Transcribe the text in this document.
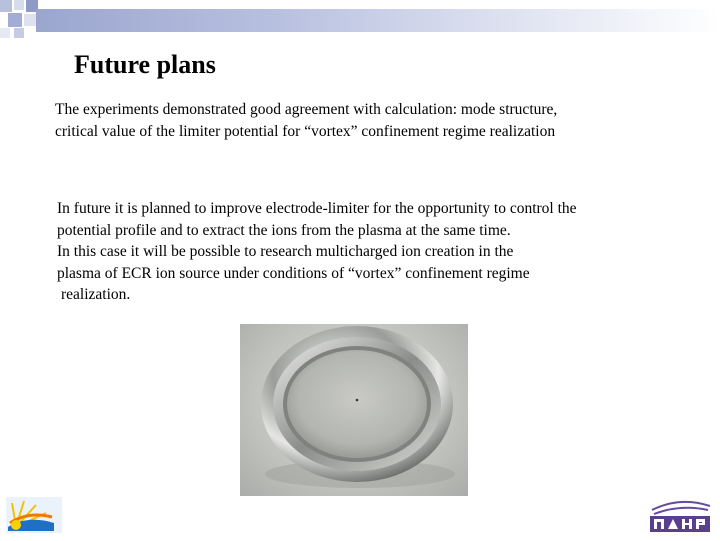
Future plans
The experiments demonstrated good agreement with calculation: mode structure,
critical value of the limiter potential for “vortex” confinement regime realization
In future it is planned to improve electrode-limiter for the opportunity to control the
potential profile and to extract the ions from the plasma at the same time.
In this case it will be possible to research multicharged ion creation in the
plasma of ECR ion source under conditions of “vortex” confinement regime
realization.
